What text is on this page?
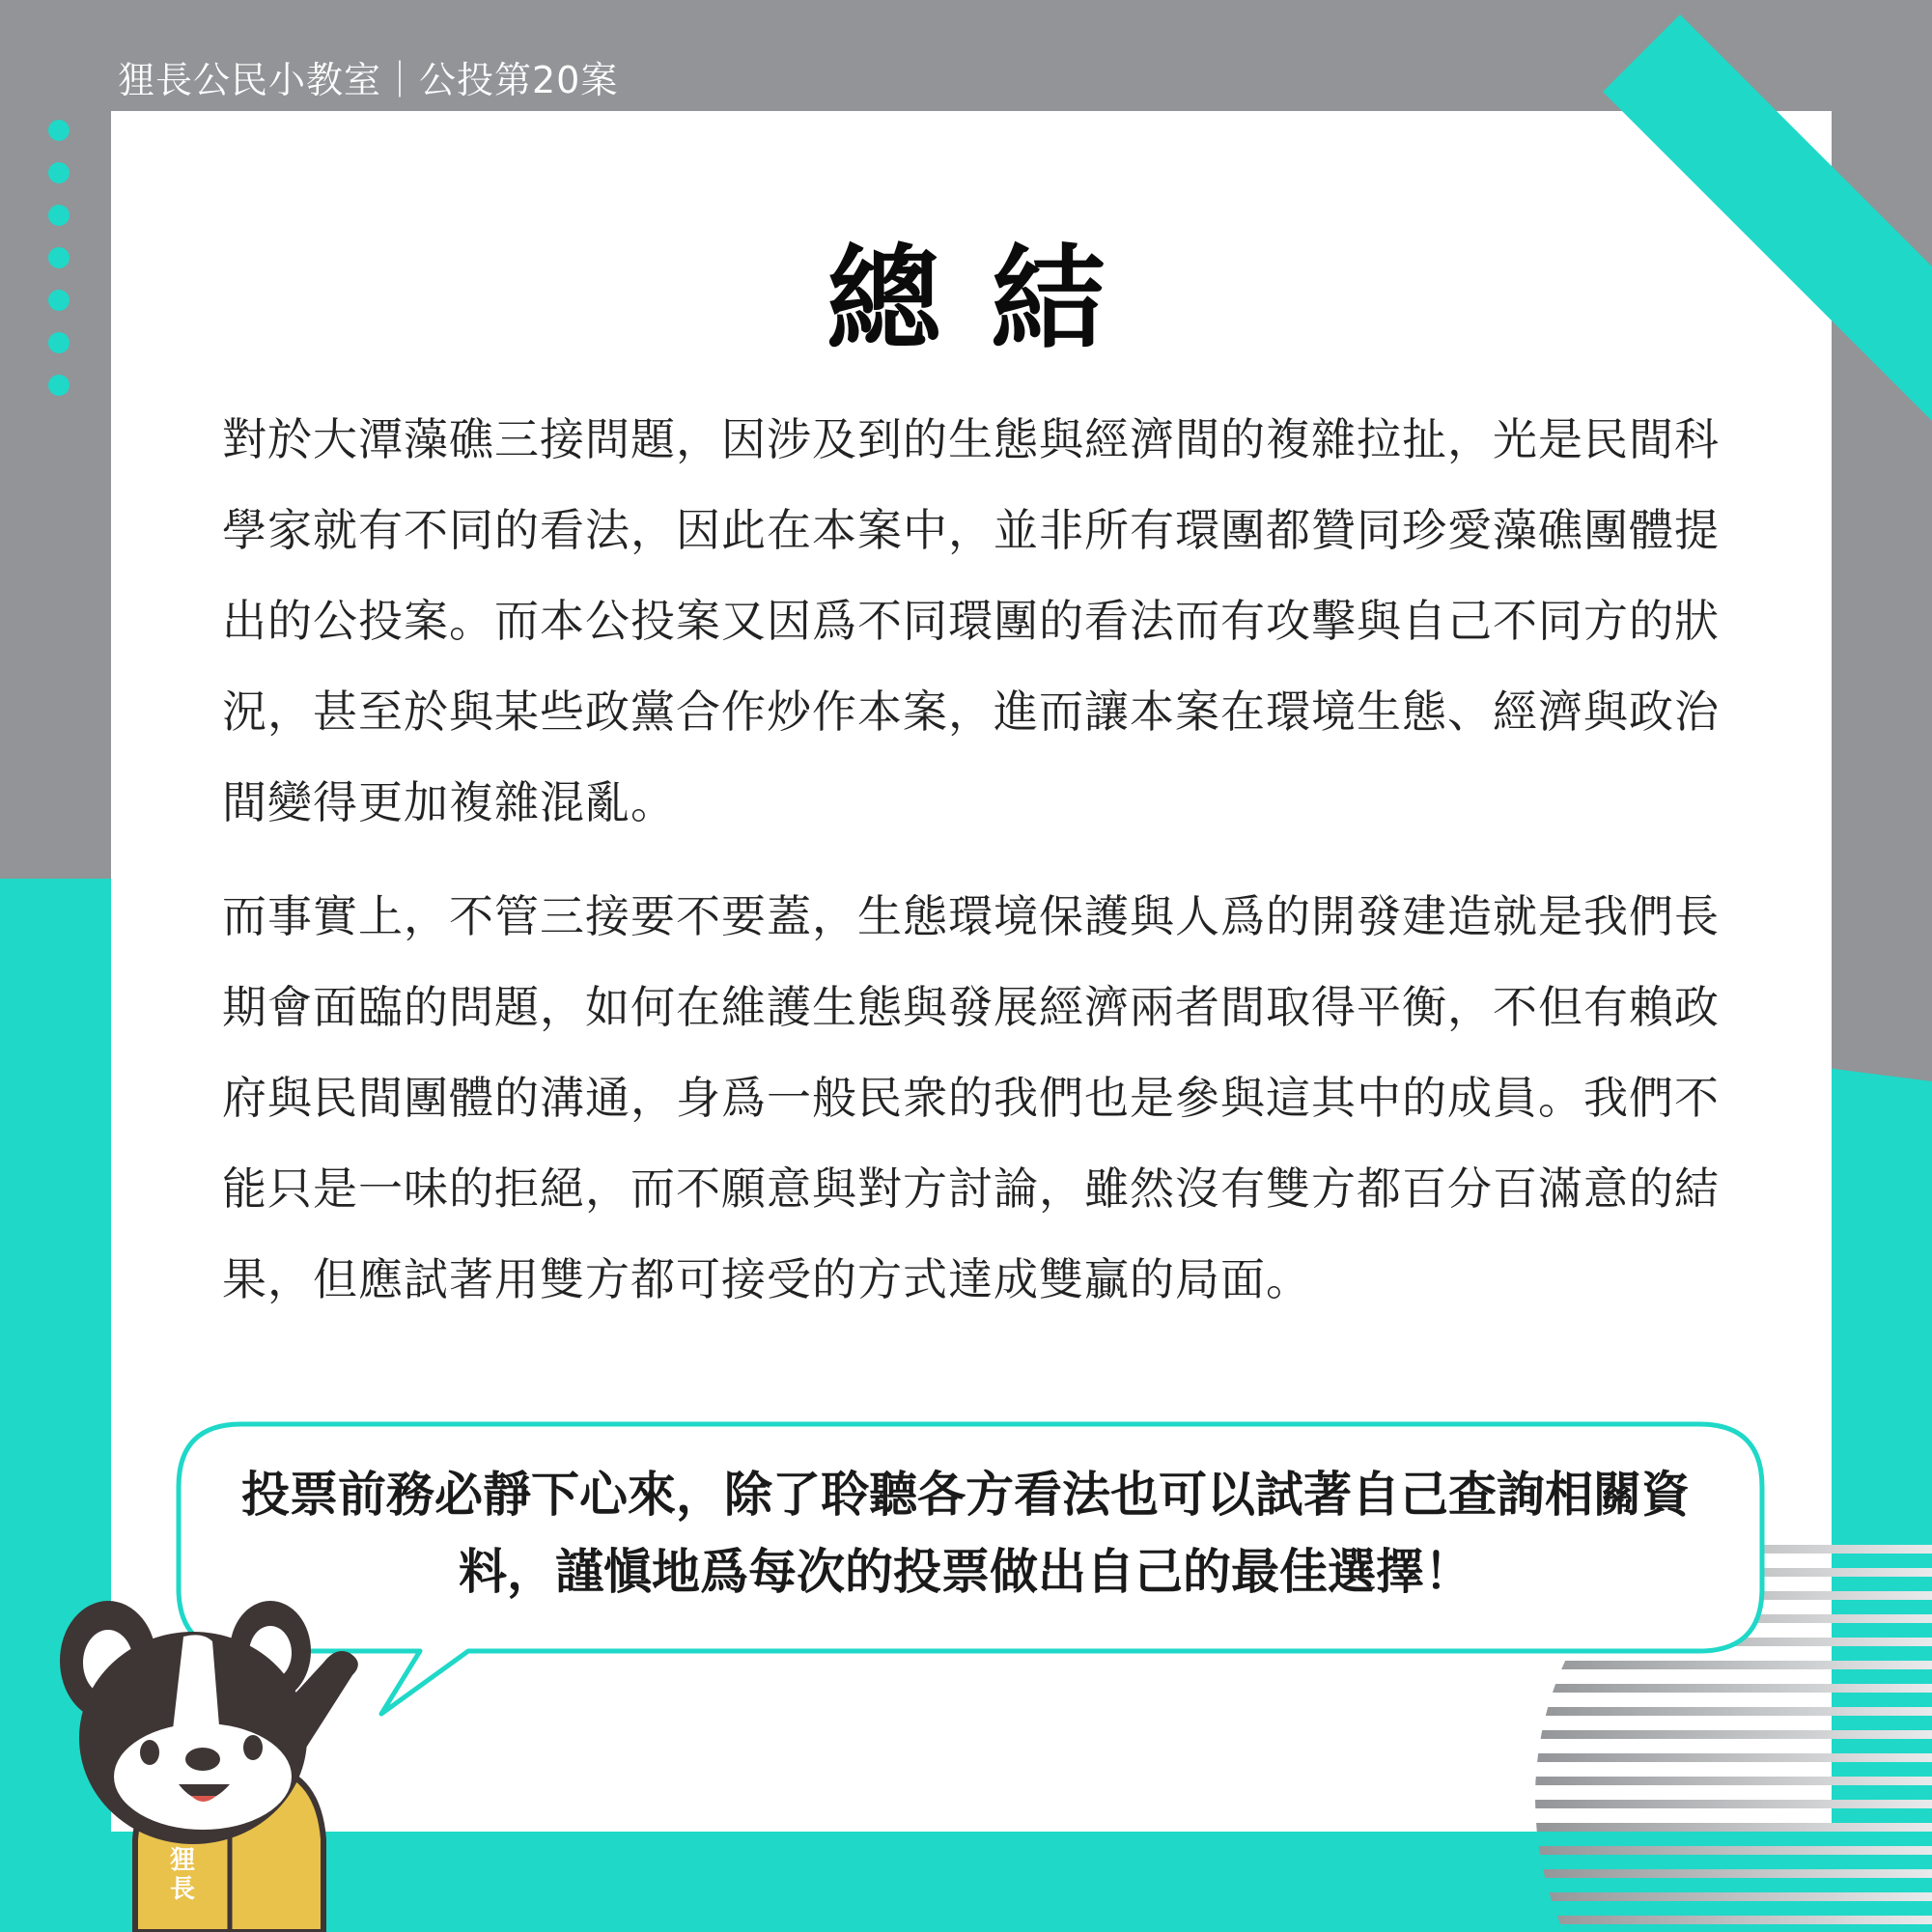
狸長公民小教室｜公投第20案
總結

對於大潭藻礁三接問題，因涉及到的生態與經濟間的複雜拉扯，光是民間科學家就有不同的看法，因此在本案中，並非所有環團都贊同珍愛藻礁團體提出的公投案。而本公投案又因爲不同環團的看法而有攻擊與自己不同方的狀況，甚至於與某些政黨合作炒作本案，進而讓本案在環境生態、經濟與政治間變得更加複雜混亂。

而事實上，不管三接要不要蓋，生態環境保護與人爲的開發建造就是我們長期會面臨的問題，如何在維護生態與發展經濟兩者間取得平衡，不但有賴政府與民間團體的溝通，身爲一般民衆的我們也是參與這其中的成員。我們不能只是一味的拒絕，而不願意與對方討論，雖然沒有雙方都百分百滿意的結果，但應試著用雙方都可接受的方式達成雙贏的局面。

投票前務必靜下心來，除了聆聽各方看法也可以試著自己查詢相關資料，謹愼地爲每次的投票做出自己的最佳選擇！

狸長
